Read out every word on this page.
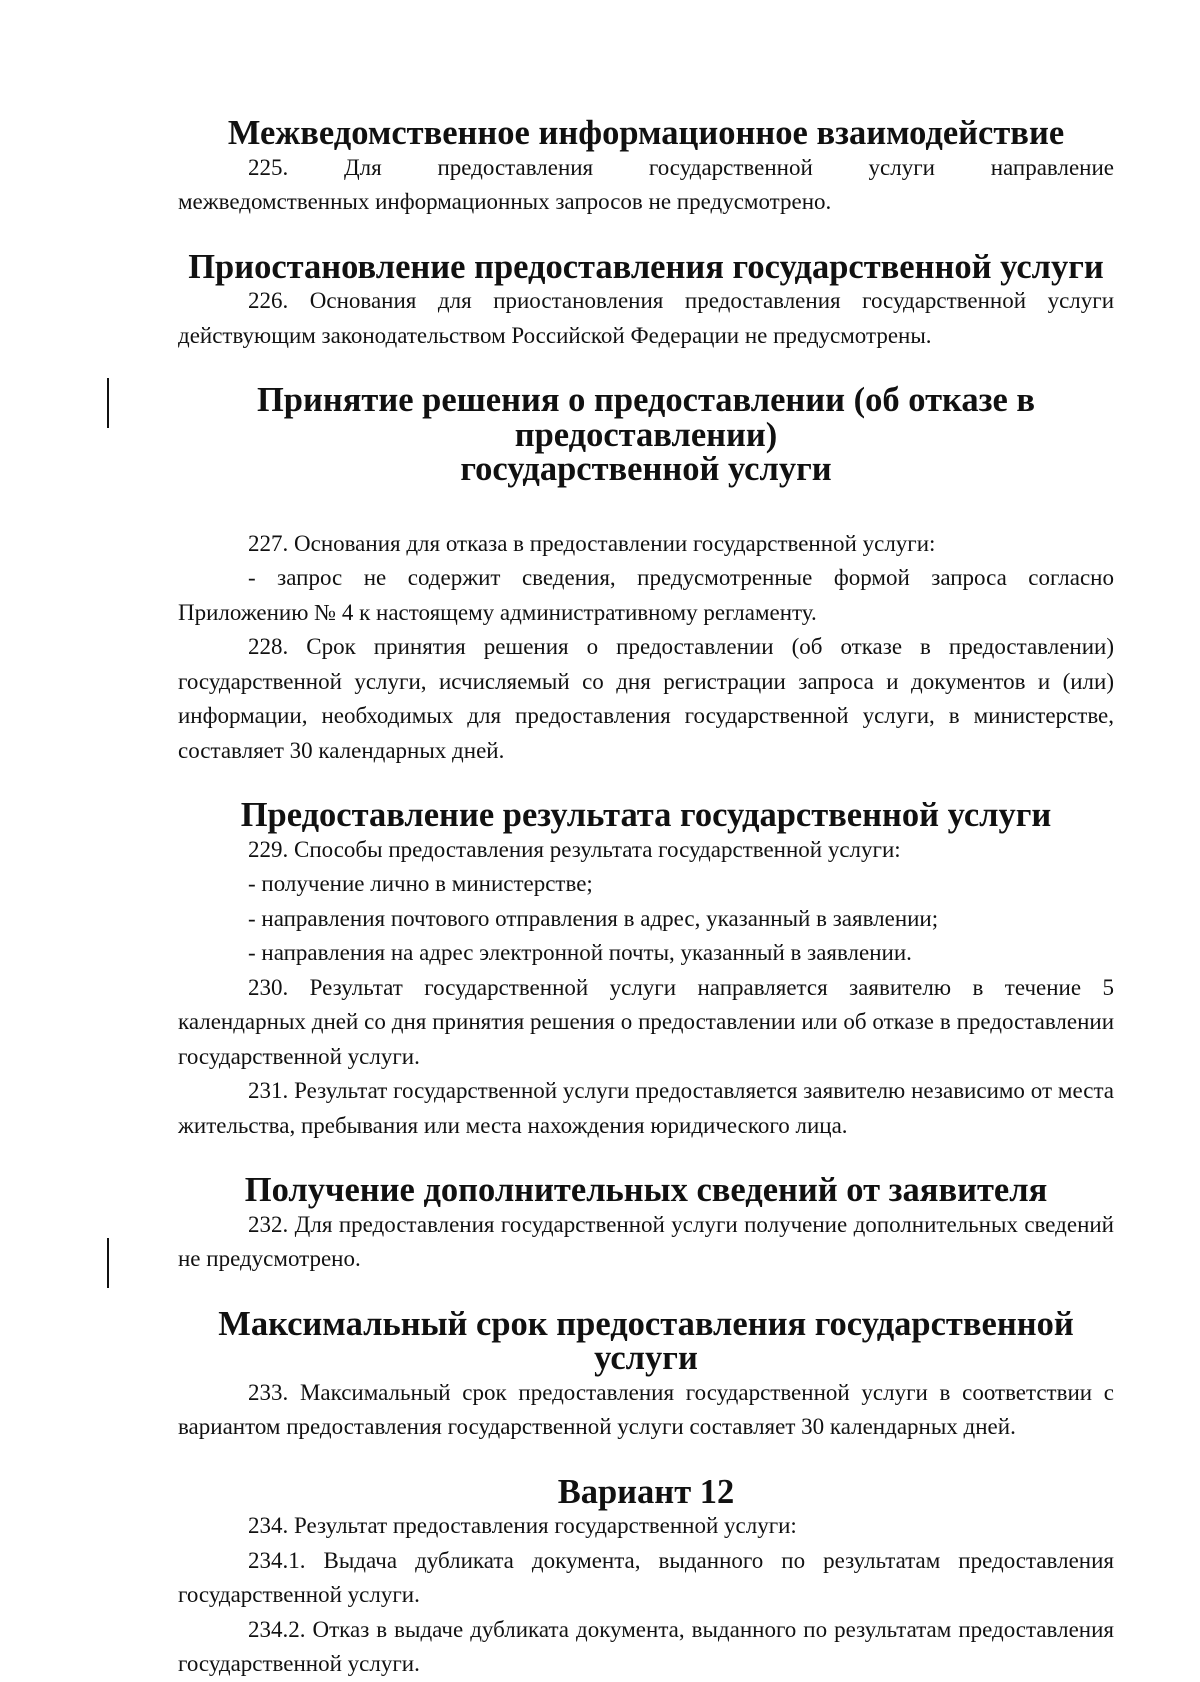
Межведомственное информационное взаимодействие

225. Для предоставления государственной услуги направление

межведомственных информационных запросов не предусмотрено.

Приостановление предоставления государственной услуги

226. Основания для приостановления предоставления государственной услуги действующим законодательством Российской Федерации не предусмотрены.

Принятие решения о предоставлении (об отказе в предоставлении)
государственной услуги

227. Основания для отказа в предоставлении государственной услуги:

- запрос не содержит сведения, предусмотренные формой запроса согласно Приложению № 4 к настоящему административному регламенту.

228. Срок принятия решения о предоставлении (об отказе в предоставлении) государственной услуги, исчисляемый со дня регистрации запроса и документов и (или) информации, необходимых для предоставления государственной услуги, в министерстве, составляет 30 календарных дней.

Предоставление результата государственной услуги

229. Способы предоставления результата государственной услуги:

- получение лично в министерстве;

- направления почтового отправления в адрес, указанный в заявлении;

- направления на адрес электронной почты, указанный в заявлении.

230. Результат государственной услуги направляется заявителю в течение 5 календарных дней со дня принятия решения о предоставлении или об отказе в предоставлении государственной услуги.

231. Результат государственной услуги предоставляется заявителю независимо от места жительства, пребывания или места нахождения юридического лица.

Получение дополнительных сведений от заявителя

232. Для предоставления государственной услуги получение дополнительных сведений не предусмотрено.

Максимальный срок предоставления государственной услуги

233. Максимальный срок предоставления государственной услуги в соответствии с вариантом предоставления государственной услуги составляет 30 календарных дней.

Вариант 12

234. Результат предоставления государственной услуги:

234.1. Выдача дубликата документа, выданного по результатам предоставления государственной услуги.

234.2. Отказ в выдаче дубликата документа, выданного по результатам предоставления государственной услуги.
